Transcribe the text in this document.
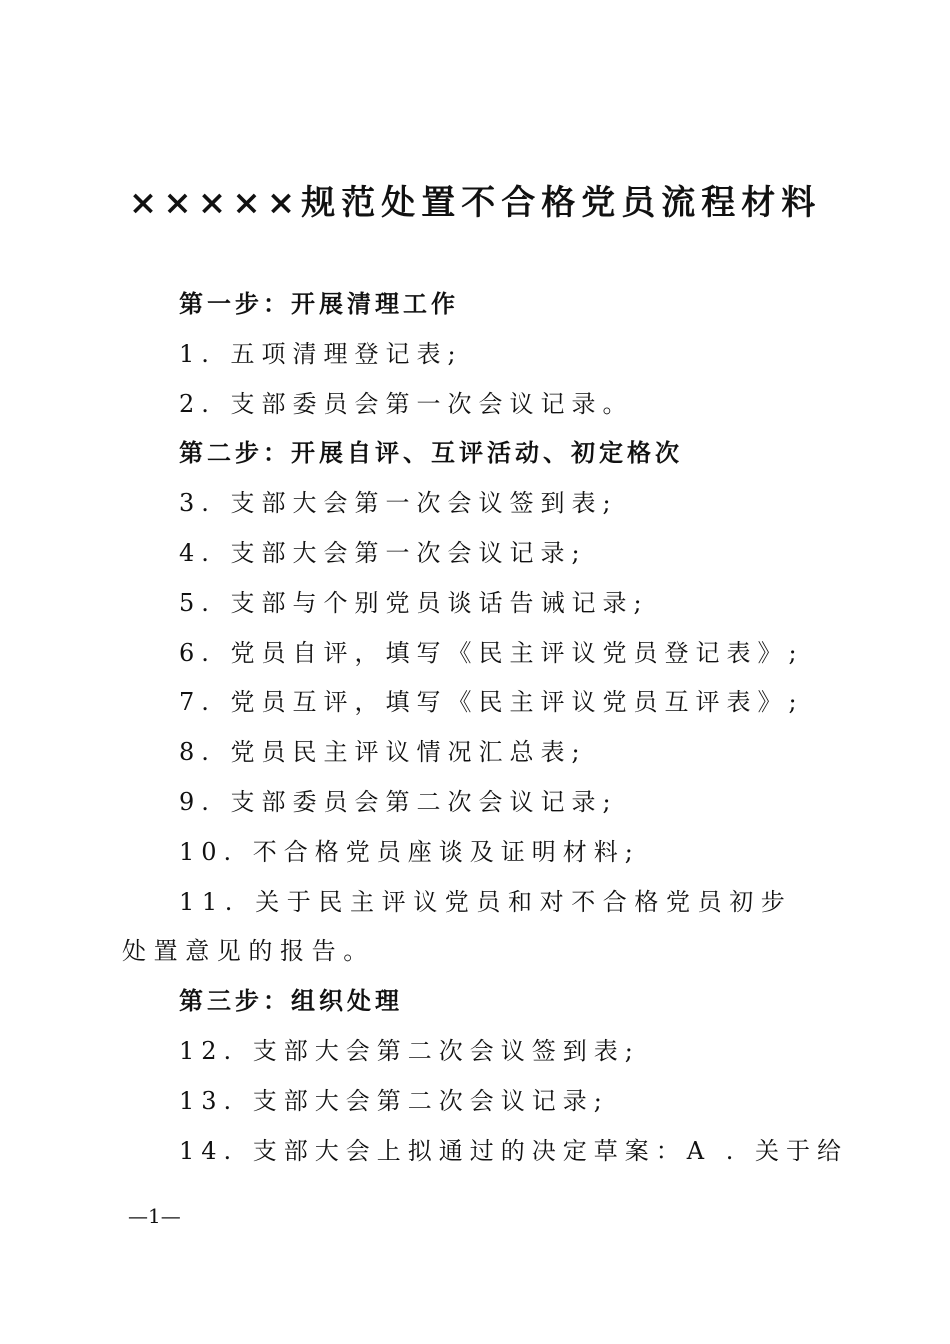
×××××规范处置不合格党员流程材料
第一步：开展清理工作
1. 五项清理登记表;
2. 支部委员会第一次会议记录。
第二步：开展自评、互评活动、初定格次
3. 支部大会第一次会议签到表;
4. 支部大会第一次会议记录;
5. 支部与个别党员谈话告诫记录;
6. 党员自评，填写《民主评议党员登记表》;
7. 党员互评，填写《民主评议党员互评表》;
8. 党员民主评议情况汇总表;
9. 支部委员会第二次会议记录;
10. 不合格党员座谈及证明材料;
11. 关于民主评议党员和对不合格党员初步处置意见的报告。
第三步：组织处理
12. 支部大会第二次会议签到表;
13. 支部大会第二次会议记录;
14. 支部大会上拟通过的决定草案：A . 关于给
—1—
